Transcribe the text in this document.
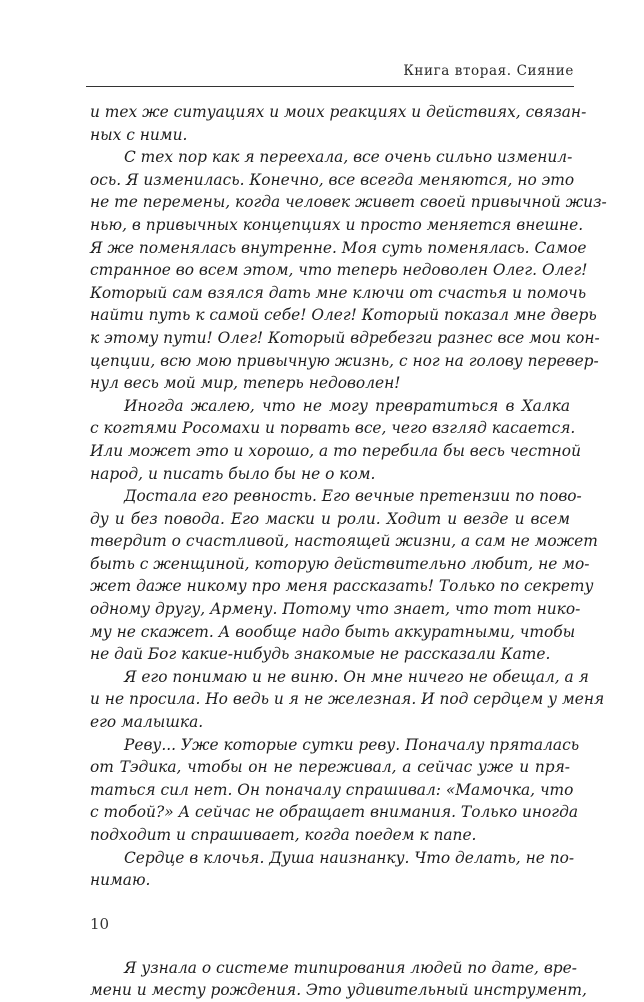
Книга вторая. Сияние
и тех же ситуациях и моих реакциях и действиях, связан-
ных с ними.
С тех пор как я переехала, все очень сильно изменил-
ось. Я изменилась. Конечно, все всегда меняются, но это
не те перемены, когда человек живет своей привычной жиз-
нью, в привычных концепциях и просто меняется внешне.
Я же поменялась внутренне. Моя суть поменялась. Самое
странное во всем этом, что теперь недоволен Олег. Олег!
Который сам взялся дать мне ключи от счастья и помочь
найти путь к самой себе! Олег! Который показал мне дверь
к этому пути! Олег! Который вдребезги разнес все мои кон-
цепции, всю мою привычную жизнь, с ног на голову перевер-
нул весь мой мир, теперь недоволен!
Иногда жалею, что не могу превратиться в Халка
с когтями Росомахи и порвать все, чего взгляд касается.
Или может это и хорошо, а то перебила бы весь честной
народ, и писать было бы не о ком.
Достала его ревность. Его вечные претензии по пово-
ду и без повода. Его маски и роли. Ходит и везде и всем
твердит о счастливой, настоящей жизни, а сам не может
быть с женщиной, которую действительно любит, не мо-
жет даже никому про меня рассказать! Только по секрету
одному другу, Армену. Потому что знает, что тот нико-
му не скажет. А вообще надо быть аккуратными, чтобы
не дай Бог какие-нибудь знакомые не рассказали Кате.
Я его понимаю и не виню. Он мне ничего не обещал, а я
и не просила. Но ведь и я не железная. И под сердцем у меня
его малышка.
Реву... Уже которые сутки реву. Поначалу пряталась
от Тэдика, чтобы он не переживал, а сейчас уже и пря-
таться сил нет. Он поначалу спрашивал: «Мамочка, что
с тобой?» А сейчас не обращает внимания. Только иногда
подходит и спрашивает, когда поедем к папе.
Сердце в клочья. Душа наизнанку. Что делать, не по-
нимаю.
Я узнала о системе типирования людей по дате, вре-
мени и месту рождения. Это удивительный инструмент,
10
